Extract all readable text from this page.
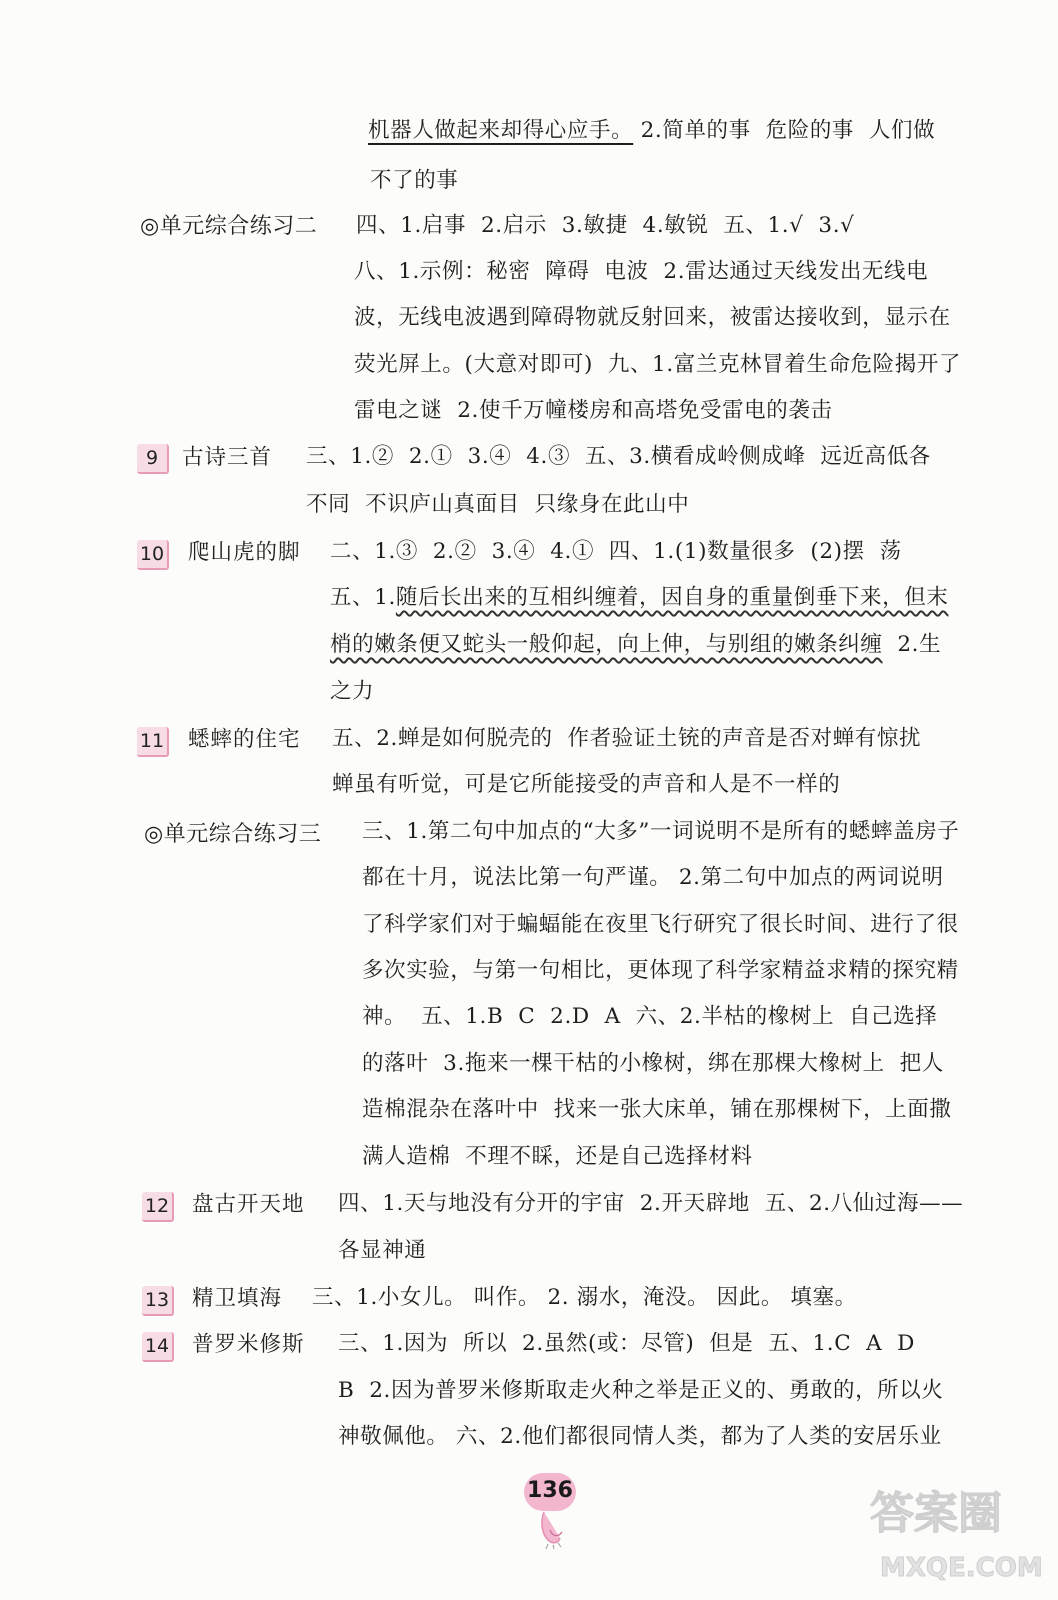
机器人做起来却得心应手。 2.简单的事  危险的事  人们做
不了的事
◎单元综合练习二 四、1.启事  2.启示  3.敏捷  4.敏锐  五、1.√  3.√
八、1.示例：秘密  障碍  电波  2.雷达通过天线发出无线电
波，无线电波遇到障碍物就反射回来，被雷达接收到，显示在
荧光屏上。(大意对即可)  九、1.富兰克林冒着生命危险揭开了
雷电之谜  2.使千万幢楼房和高塔免受雷电的袭击
9	古诗三首 三、1.②  2.①  3.④  4.③  五、3.横看成岭侧成峰  远近高低各
不同  不识庐山真面目  只缘身在此山中
10 爬山虎的脚 二、1.③  2.②  3.④  4.①  四、1.(1)数量很多  (2)摆  荡
五、1.随后长出来的互相纠缠着，因自身的重量倒垂下来，但末
梢的嫩条便又蛇头一般仰起，向上伸，与别组的嫩条纠缠  2.生
之力
11 蟋蟀的住宅 五、2.蝉是如何脱壳的  作者验证土铳的声音是否对蝉有惊扰
蝉虽有听觉，可是它所能接受的声音和人是不一样的
◎单元综合练习三 三、1.第二句中加点的“大多”一词说明不是所有的蟋蟀盖房子
都在十月，说法比第一句严谨。 2.第二句中加点的两词说明
了科学家们对于蝙蝠能在夜里飞行研究了很长时间、进行了很
多次实验，与第一句相比，更体现了科学家精益求精的探究精
神。  五、1.B  C  2.D  A  六、2.半枯的橡树上  自己选择
的落叶  3.拖来一棵干枯的小橡树，绑在那棵大橡树上  把人
造棉混杂在落叶中  找来一张大床单，铺在那棵树下，上面撒
满人造棉  不理不睬，还是自己选择材料
12 盘古开天地 四、1.天与地没有分开的宇宙  2.开天辟地  五、2.八仙过海——
各显神通
13 精卫填海 三、1.小女儿。 叫作。 2. 溺水，淹没。 因此。 填塞。
14 普罗米修斯 三、1.因为  所以  2.虽然(或：尽管)  但是  五、1.C  A  D
B  2.因为普罗米修斯取走火种之举是正义的、勇敢的，所以火
神敬佩他。 六、2.他们都很同情人类，都为了人类的安居乐业
136	答案圈
MXQE.COM
